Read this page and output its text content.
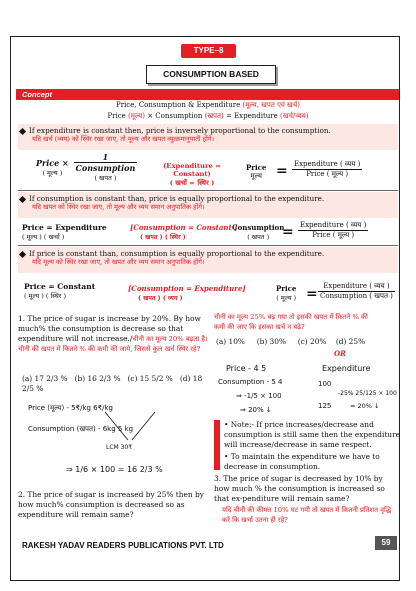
TYPE–8
CONSUMPTION BASED
Concept
Price, Consumption & Expenditure (मूल्य, खपत एवं खर्च)
Price (मूल्य) × Consumption (खपत) = Expenditure (खर्च/व्यय)
If expenditure is constant then, price is inversely proportional to the consumption.
यदि खर्च (व्यय) को स्थिर रखा जाए, तो मूल्य और खपत व्युत्क्रमानुपाती होंगे।
Price ×
( मूल्य )

1
Consumption
( खपत )
(Expenditure = Constant)
( खर्चो = स्थिर )
Price
मूल्य	= Expenditure ( व्यय )
Price ( मूल्य )
If consumption is constant than, price is equally proportional to the expenditure.
यदि खपत को स्थिर रखा जाए, तो मूल्य और व्यय समान अनुपातिक होंगे।
Price = Expenditure
( मूल्य ) ( खर्चा )
[Consumption = Constant ]
( खपत ) ( स्थिर )
Consumption
( खपत ) = Expenditure ( व्यय )
Price ( मूल्य )
If price is constant than, consumption is equally proportional to the expenditure.
यदि मूल्य को स्थिर रखा जाए, तो खपत और व्यय समान अनुपातिक होंगे।
Price = Constant
( मूल्य ) ( स्थिर )
[Consumption = Expenditure]
( खपत ) ( व्यय )
Price
( मूल्य ) = Expenditure ( व्यय )
Consumption ( खपत )
1. The price of sugar is increase by 20%. By how much% the consumption is decrease so that expenditure will not increase./चीनी का मूल्य 20% बढ़ता है। चीनी की खपत में कितने % की कमी की जाये, जिससे कुल खर्च स्थिर रहे?
(a) 17 2/3 % (b) 16 2/3 % (c) 15 5/2 % (d) 18 2/5 %
Price (मूल्य) - 5₹/kg 6₹/kg
Consumption (खपत) - 6kg 5 kg
LCM 30₹
⇒ 1/6 × 100 = 16 2/3 %
2. The price of sugar is increased by 25% then by how much% consumption is decreased so as expenditure will remain same?
चीनी का मूल्य 25% बढ़ गया तो इसकी खपत में कितने % की
कमी की जाए कि इसका खर्च न बढ़े?
(a) 10% (b) 30% (c) 20% (d) 25%
OR
Price - 4 5
Consumption - 5 4
⇒ -1/5 × 100
⇒ 20% ↓
Expenditure
100
-25% 25/125 × 100
125	= 20% ↓
• Note:- If price increases/decrease and consumption is still same then the expenditure will increase/decrease in same respect.
• To maintain the expenditure we have to decrease in consumption.
3. The price of sugar is decreased by 10% by how much % the consumption is increased so that ex-penditure will remain same?
यदि चीनी की कीमत 10% घट गयी तो खपत में कितनी प्रतिशत वृद्धि करें कि खर्चा उतना ही रहे?
RAKESH YADAV READERS PUBLICATIONS PVT. LTD	59
